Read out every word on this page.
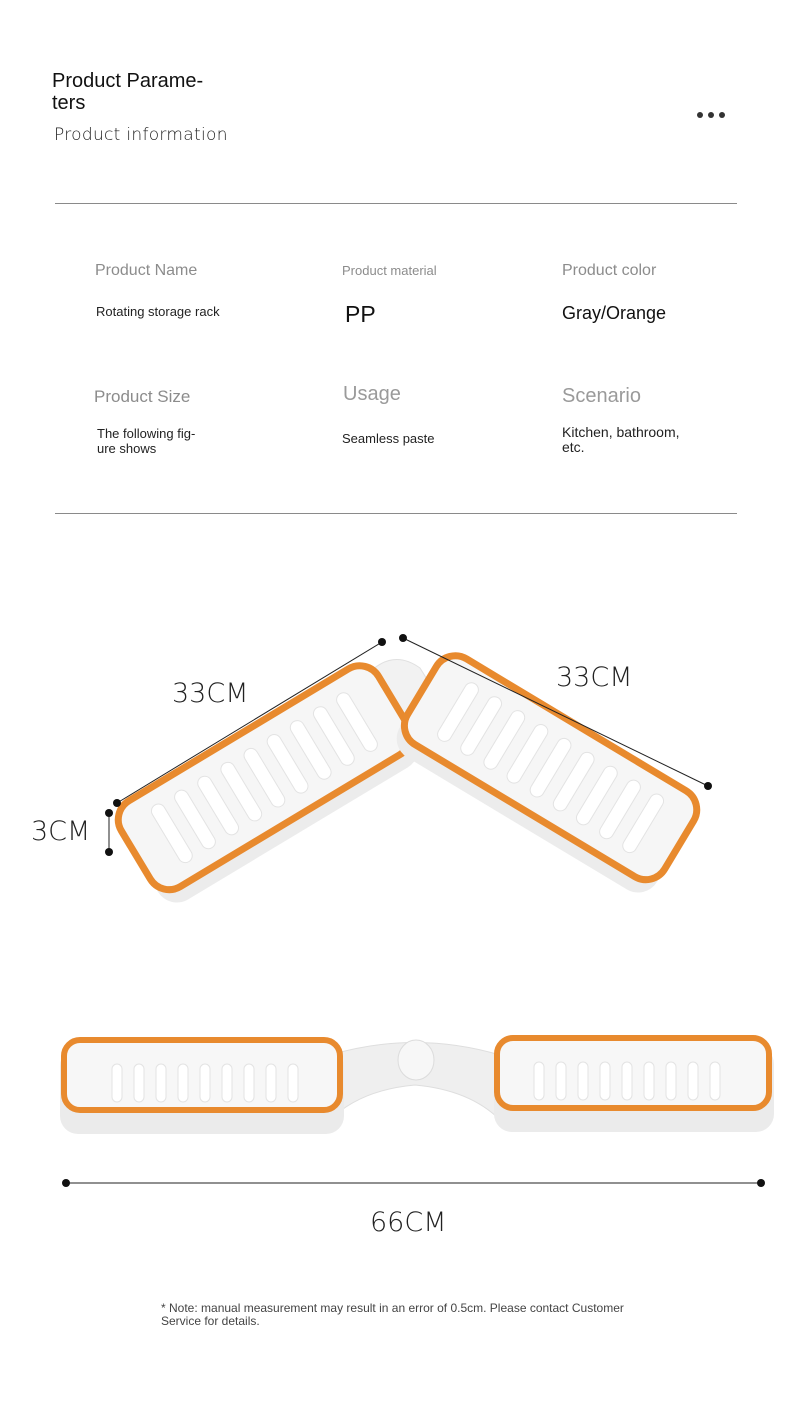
Product Parame-
ters
Product information
Product Name
Rotating storage rack
Product material
PP
Product color
Gray/Orange
Product Size
The following fig-
ure shows
Usage
Seamless paste
Scenario
Kitchen, bathroom,
etc.
33CM
33CM
3CM
66CM
* Note: manual measurement may result in an error of 0.5cm. Please contact Customer Service for details.
